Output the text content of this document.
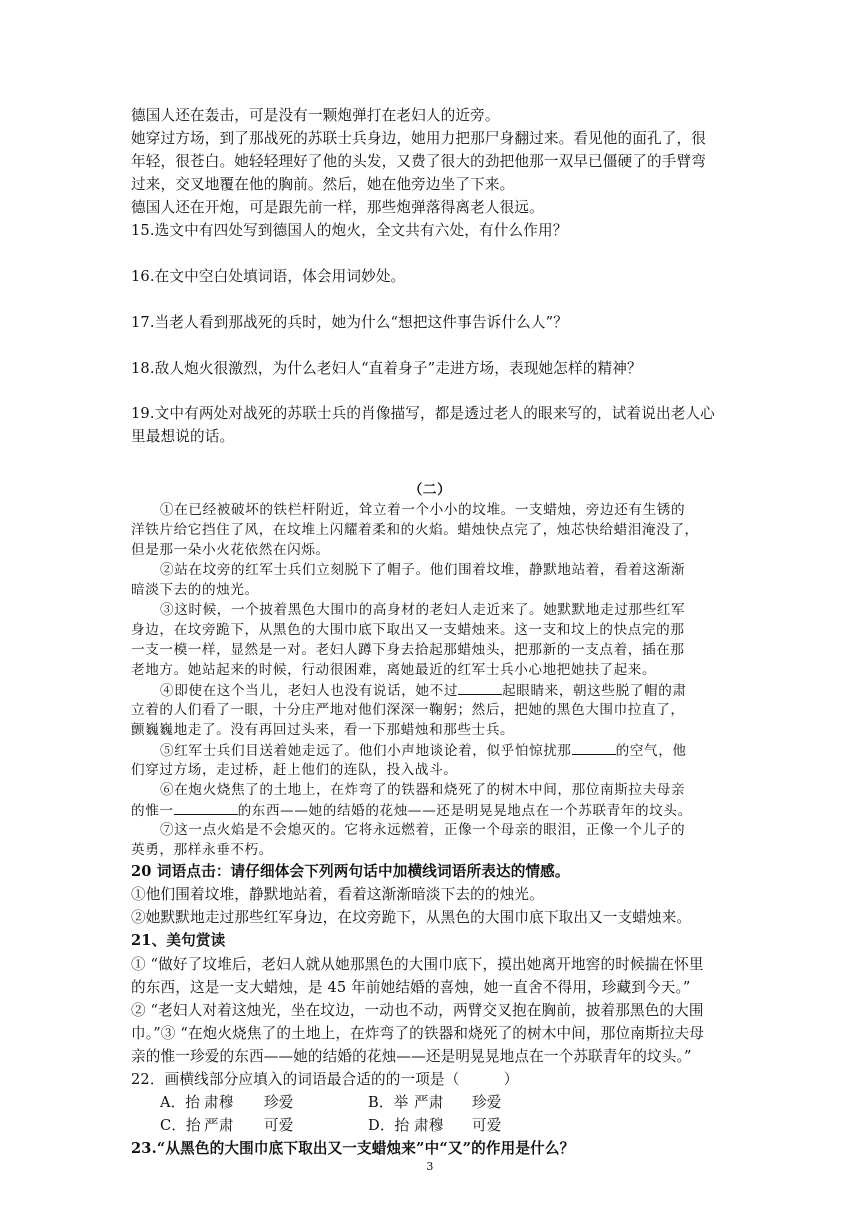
德国人还在轰击，可是没有一颗炮弹打在老妇人的近旁。
她穿过方场，到了那战死的苏联士兵身边，她用力把那尸身翻过来。看见他的面孔了，很
年轻，很苍白。她轻轻理好了他的头发，又费了很大的劲把他那一双早已僵硬了的手臂弯
过来，交叉地覆在他的胸前。然后，她在他旁边坐了下来。
德国人还在开炮，可是跟先前一样，那些炮弹落得离老人很远。
15.选文中有四处写到德国人的炮火，全文共有六处，有什么作用？
16.在文中空白处填词语，体会用词妙处。
17.当老人看到那战死的兵时，她为什么“想把这件事告诉什么人”？
18.敌人炮火很激烈，为什么老妇人“直着身子”走进方场，表现她怎样的精神？
19.文中有两处对战死的苏联士兵的肖像描写，都是透过老人的眼来写的，试着说出老人心
里最想说的话。
（二）
①在已经被破坏的铁栏杆附近，耸立着一个小小的坟堆。一支蜡烛，旁边还有生锈的
洋铁片给它挡住了风，在坟堆上闪耀着柔和的火焰。蜡烛快点完了，烛芯快给蜡泪淹没了，
但是那一朵小火花依然在闪烁。
②站在坟旁的红军士兵们立刻脱下了帽子。他们围着坟堆，静默地站着，看着这渐渐
暗淡下去的的烛光。
③这时候，一个披着黑色大围巾的高身材的老妇人走近来了。她默默地走过那些红军
身边，在坟旁跪下，从黑色的大围巾底下取出又一支蜡烛来。这一支和坟上的快点完的那
一支一模一样，显然是一对。老妇人蹲下身去拾起那蜡烛头，把那新的一支点着，插在那
老地方。她站起来的时候，行动很困难，离她最近的红军士兵小心地把她扶了起来。
④即使在这个当儿，老妇人也没有说话，她不过	起眼睛来，朝这些脱了帽的肃
立着的人们看了一眼，十分庄严地对他们深深一鞠躬；然后，把她的黑色大围巾拉直了，
颤巍巍地走了。没有再回过头来，看一下那蜡烛和那些士兵。
⑤红军士兵们目送着她走远了。他们小声地谈论着，似乎怕惊扰那	的空气，他
们穿过方场，走过桥，赶上他们的连队，投入战斗。
⑥在炮火烧焦了的土地上，在炸弯了的铁器和烧死了的树木中间，那位南斯拉夫母亲
的惟一	的东西——她的结婚的花烛——还是明晃晃地点在一个苏联青年的坟头。
⑦这一点火焰是不会熄灭的。它将永远燃着，正像一个母亲的眼泪，正像一个儿子的
英勇，那样永垂不朽。
20 词语点击：请仔细体会下列两句话中加横线词语所表达的情感。
①他们围着坟堆，静默地站着，看着这渐渐暗淡下去的的烛光。
②她默默地走过那些红军身边，在坟旁跪下，从黑色的大围巾底下取出又一支蜡烛来。
21、美句赏读
① “做好了坟堆后，老妇人就从她那黑色的大围巾底下，摸出她离开地窖的时候揣在怀里
的东西，这是一支大蜡烛，是 45 年前她结婚的喜烛，她一直舍不得用，珍藏到今天。”
② “老妇人对着这烛光，坐在坟边，一动也不动，两臂交叉抱在胸前，披着那黑色的大围
巾。”③ “在炮火烧焦了的土地上，在炸弯了的铁器和烧死了的树木中间，那位南斯拉夫母
亲的惟一珍爱的东西——她的结婚的花烛——还是明晃晃地点在一个苏联青年的坟头。”
22．画横线部分应填入的词语最合适的的一项是（　　　）
A．抬 肃穆 珍爱	B．举 严肃 珍爱
C．抬 严肃 可爱	D．抬 肃穆 可爱
23.“从黑色的大围巾底下取出又一支蜡烛来”中“又”的作用是什么？
3
